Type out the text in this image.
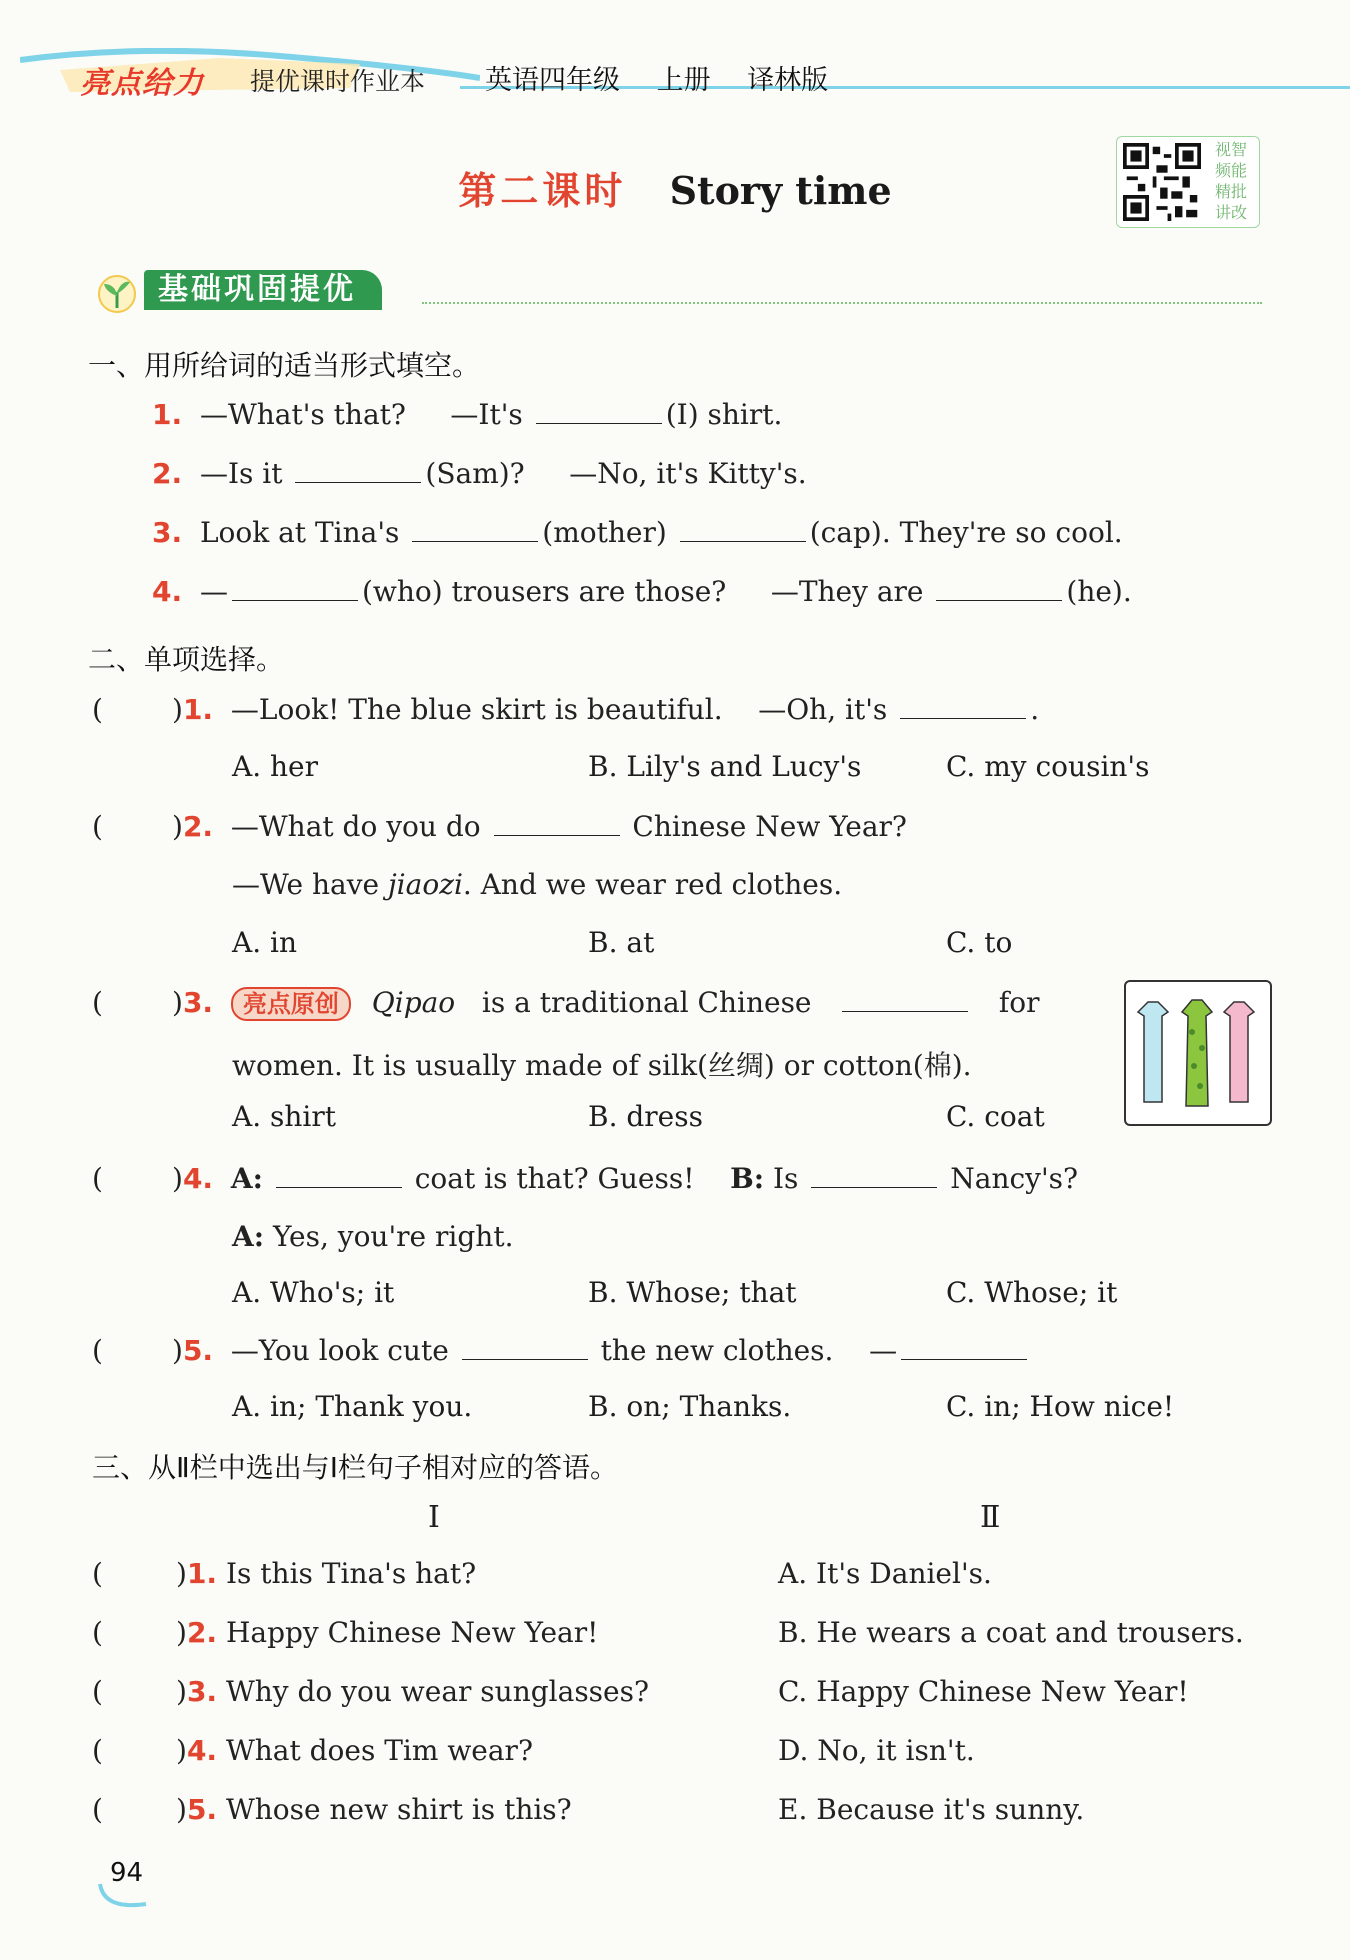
亮点给力 提优课时作业本 英语四年级 上册 译林版
第二课时 Story time
视智
频能
精批
讲改
基础巩固提优
一、用所给词的适当形式填空。
1. —What's that? —It's	(I) shirt.
2. —Is it	(Sam)? —No, it's Kitty's.
3. Look at Tina's	(mother)	(cap). They're so cool.
4. —	(who) trousers are those? —They are	(he).
二、单项选择。
( )1. —Look! The blue skirt is beautiful. —Oh, it's	.
A. her	B. Lily's and Lucy's	C. my cousin's
( )2. —What do you do	Chinese New Year?
—We have jiaozi. And we wear red clothes.
A. in	B. at	C. to
( )3. 亮点原创 Qipao is a traditional Chinese	for
women. It is usually made of silk(丝绸) or cotton(棉).
A. shirt	B. dress	C. coat
( )4. A:	coat is that? Guess! B: Is	Nancy's?
A: Yes, you're right.
A. Who's; it	B. Whose; that	C. Whose; it
( )5. —You look cute	the new clothes. —
A. in; Thank you.	B. on; Thanks.	C. in; How nice!
三、从Ⅱ栏中选出与Ⅰ栏句子相对应的答语。
Ⅰ	Ⅱ
(	)1. Is this Tina's hat?	A. It's Daniel's.
(	)2. Happy Chinese New Year!	B. He wears a coat and trousers.
(	)3. Why do you wear sunglasses?	C. Happy Chinese New Year!
(	)4. What does Tim wear?	D. No, it isn't.
(	)5. Whose new shirt is this?	E. Because it's sunny.
94
